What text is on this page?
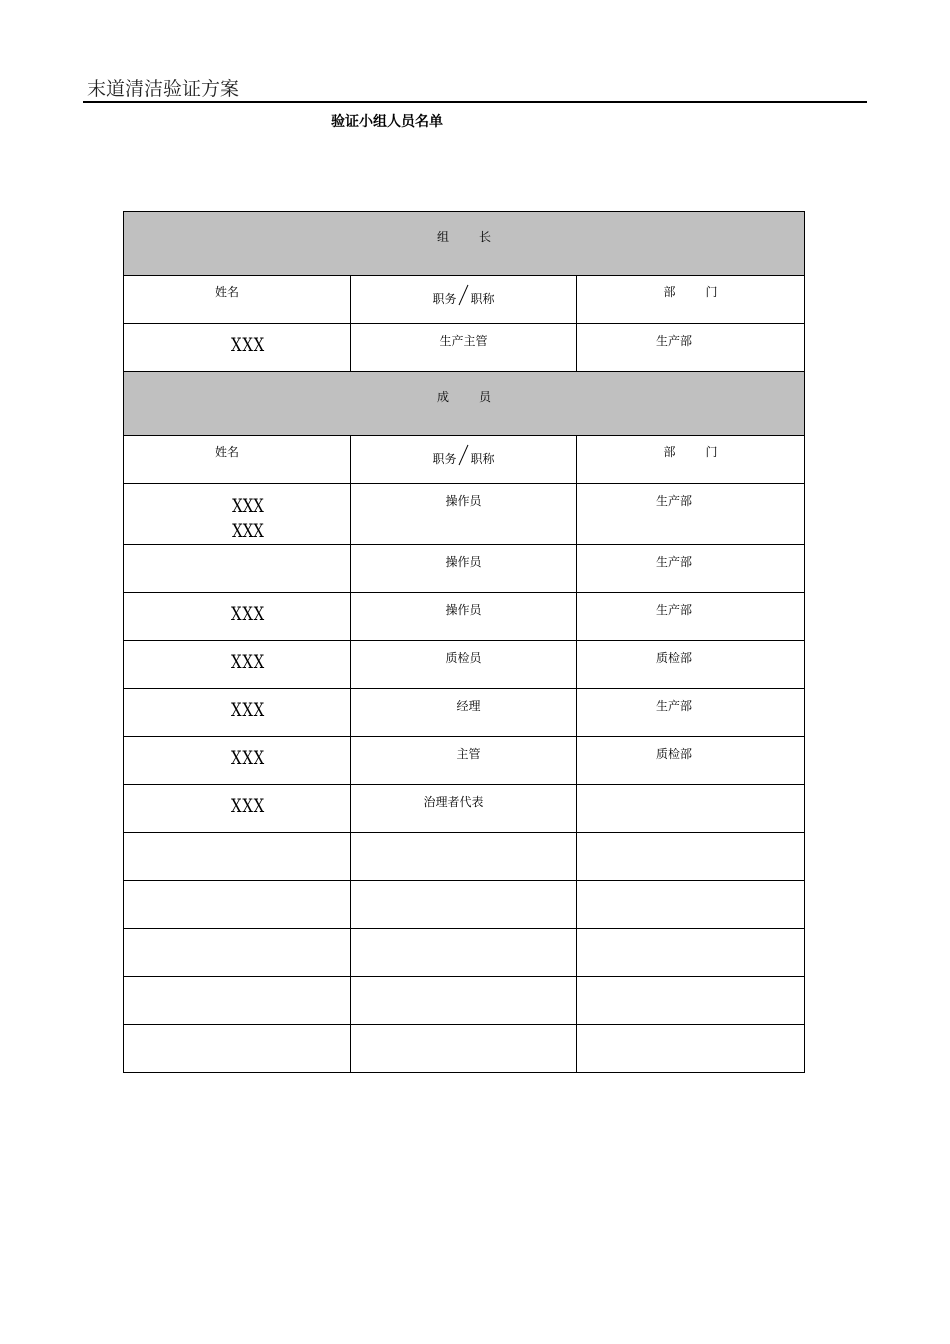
末道清洁验证方案
验证小组人员名单
组长		

姓名	职务 职称	部门

XXX	生产主管	生产部

成员		

姓名	职务 职称	部门

XXX
XXX	操作员	生产部

	操作员	生产部

XXX	操作员	生产部

XXX	质检员	质检部

XXX	经理	生产部

XXX	主管	质检部

XXX	治理者代表	
